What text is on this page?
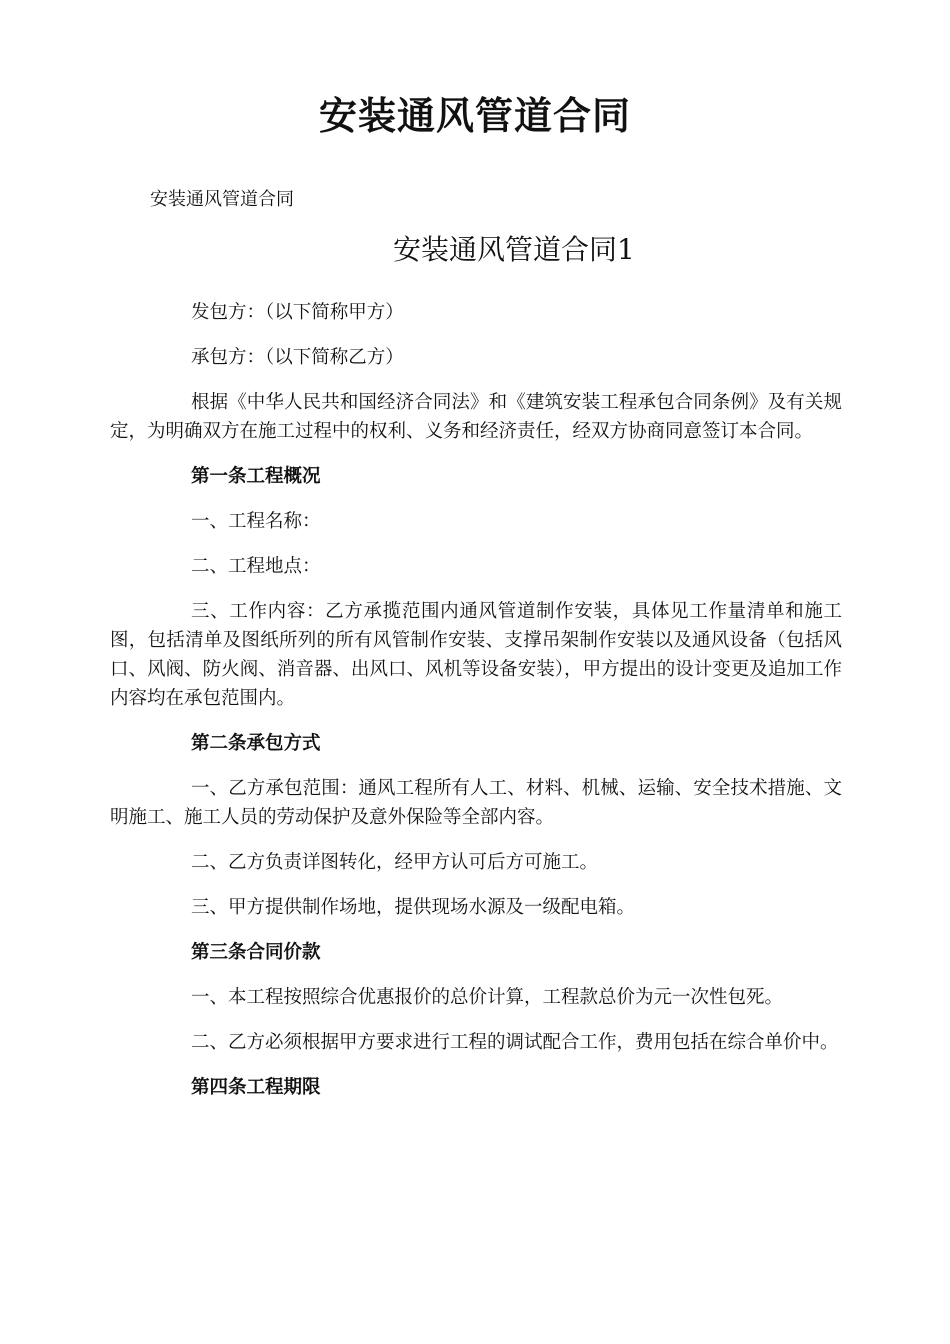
安装通风管道合同

安装通风管道合同

安装通风管道合同1

发包方：（以下简称甲方）

承包方：（以下简称乙方）

根据《中华人民共和国经济合同法》和《建筑安装工程承包合同条例》及有关规定，为明确双方在施工过程中的权利、义务和经济责任，经双方协商同意签订本合同。

第一条工程概况

一、工程名称：

二、工程地点：

三、工作内容：乙方承揽范围内通风管道制作安装，具体见工作量清单和施工图，包括清单及图纸所列的所有风管制作安装、支撑吊架制作安装以及通风设备（包括风口、风阀、防火阀、消音器、出风口、风机等设备安装），甲方提出的设计变更及追加工作内容均在承包范围内。

第二条承包方式

一、乙方承包范围：通风工程所有人工、材料、机械、运输、安全技术措施、文明施工、施工人员的劳动保护及意外保险等全部内容。

二、乙方负责详图转化，经甲方认可后方可施工。

三、甲方提供制作场地，提供现场水源及一级配电箱。

第三条合同价款

一、本工程按照综合优惠报价的总价计算，工程款总价为元一次性包死。

二、乙方必须根据甲方要求进行工程的调试配合工作，费用包括在综合单价中。

第四条工程期限
